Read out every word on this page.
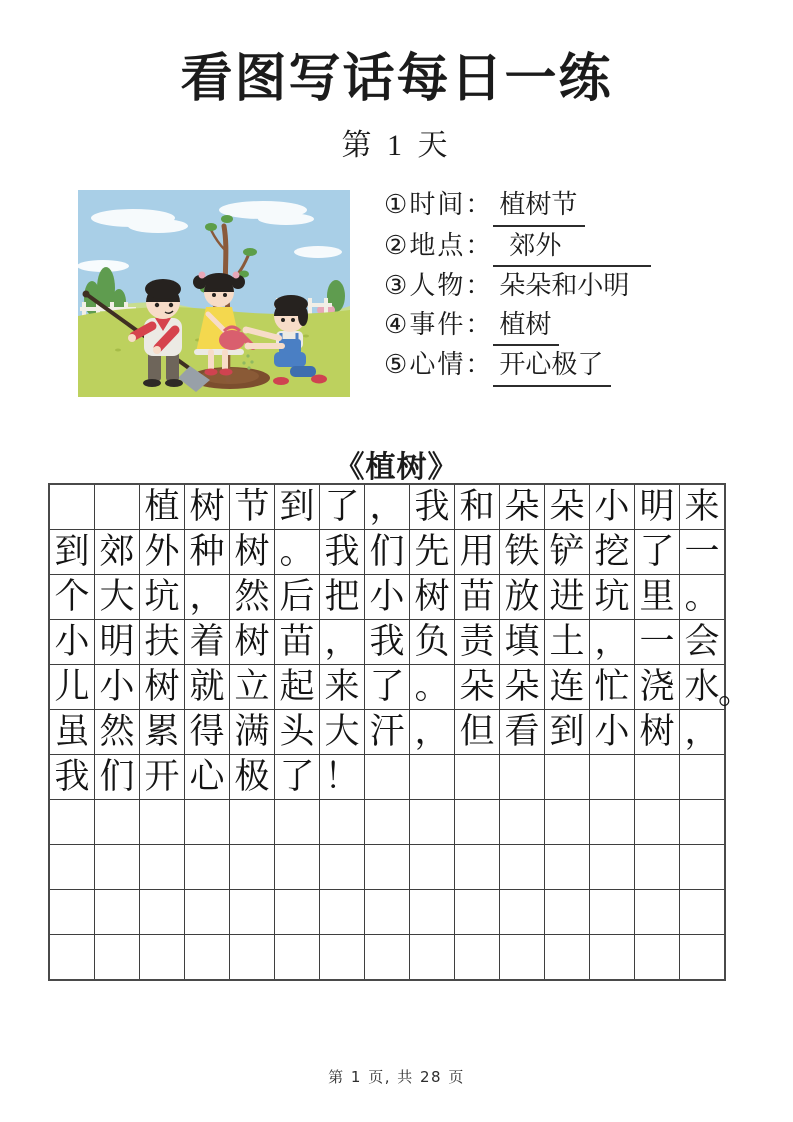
看图写话每日一练
第 1 天
①时间： 植树节
②地点： 郊外
③人物： 朵朵和小明
④事件： 植树
⑤心情： 开心极了
《植树》
		植	树	节	到	了	，	我	和	朵	朵	小	明	来
到	郊	外	种	树	。	我	们	先	用	铁	铲	挖	了	一
个	大	坑	，	然	后	把	小	树	苗	放	进	坑	里	。
小	明	扶	着	树	苗	，	我	负	责	填	土	，	一	会
儿	小	树	就	立	起	来	了	。	朵	朵	连	忙	浇	水
虽	然	累	得	满	头	大	汗	，	但	看	到	小	树	，
我	们	开	心	极	了	！								

。
第 1 页, 共 28 页
